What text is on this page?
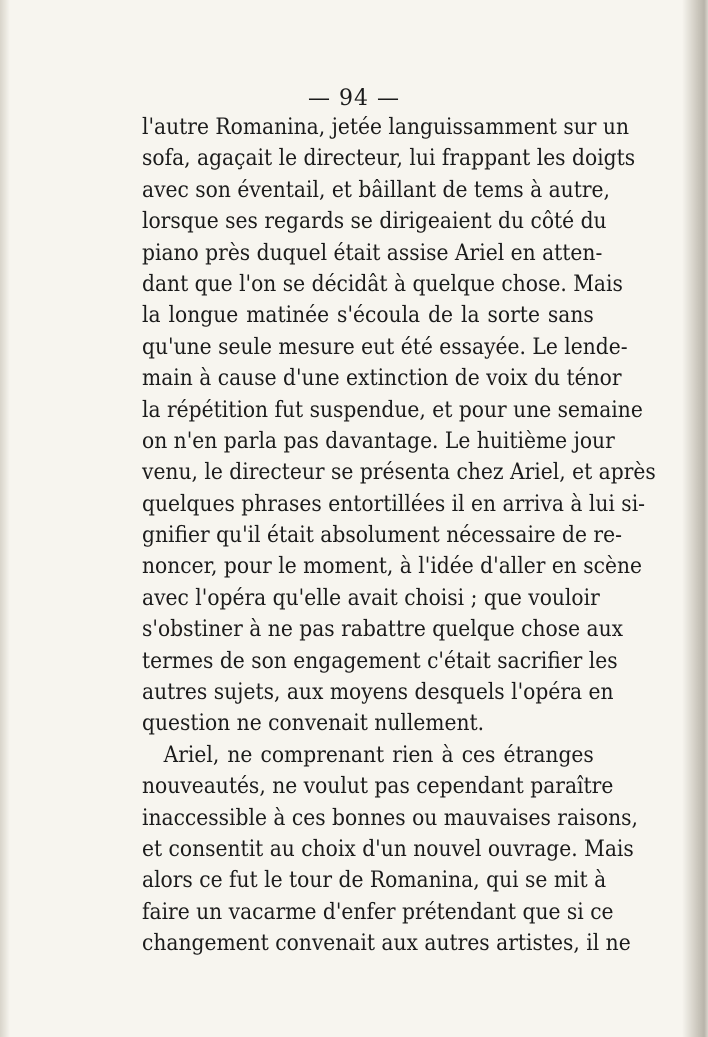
— 94 —
l'autre Romanina, jetée languissamment sur un
sofa, agaçait le directeur, lui frappant les doigts
avec son éventail, et bâillant de tems à autre,
lorsque ses regards se dirigeaient du côté du
piano près duquel était assise Ariel en atten-
dant que l'on se décidât à quelque chose. Mais
la longue matinée s'écoula de la sorte sans
qu'une seule mesure eut été essayée. Le lende-
main à cause d'une extinction de voix du ténor
la répétition fut suspendue, et pour une semaine
on n'en parla pas davantage. Le huitième jour
venu, le directeur se présenta chez Ariel, et après
quelques phrases entortillées il en arriva à lui si-
gnifier qu'il était absolument nécessaire de re-
noncer, pour le moment, à l'idée d'aller en scène
avec l'opéra qu'elle avait choisi ; que vouloir
s'obstiner à ne pas rabattre quelque chose aux
termes de son engagement c'était sacrifier les
autres sujets, aux moyens desquels l'opéra en
question ne convenait nullement.
Ariel, ne comprenant rien à ces étranges
nouveautés, ne voulut pas cependant paraître
inaccessible à ces bonnes ou mauvaises raisons,
et consentit au choix d'un nouvel ouvrage. Mais
alors ce fut le tour de Romanina, qui se mit à
faire un vacarme d'enfer prétendant que si ce
changement convenait aux autres artistes, il ne
